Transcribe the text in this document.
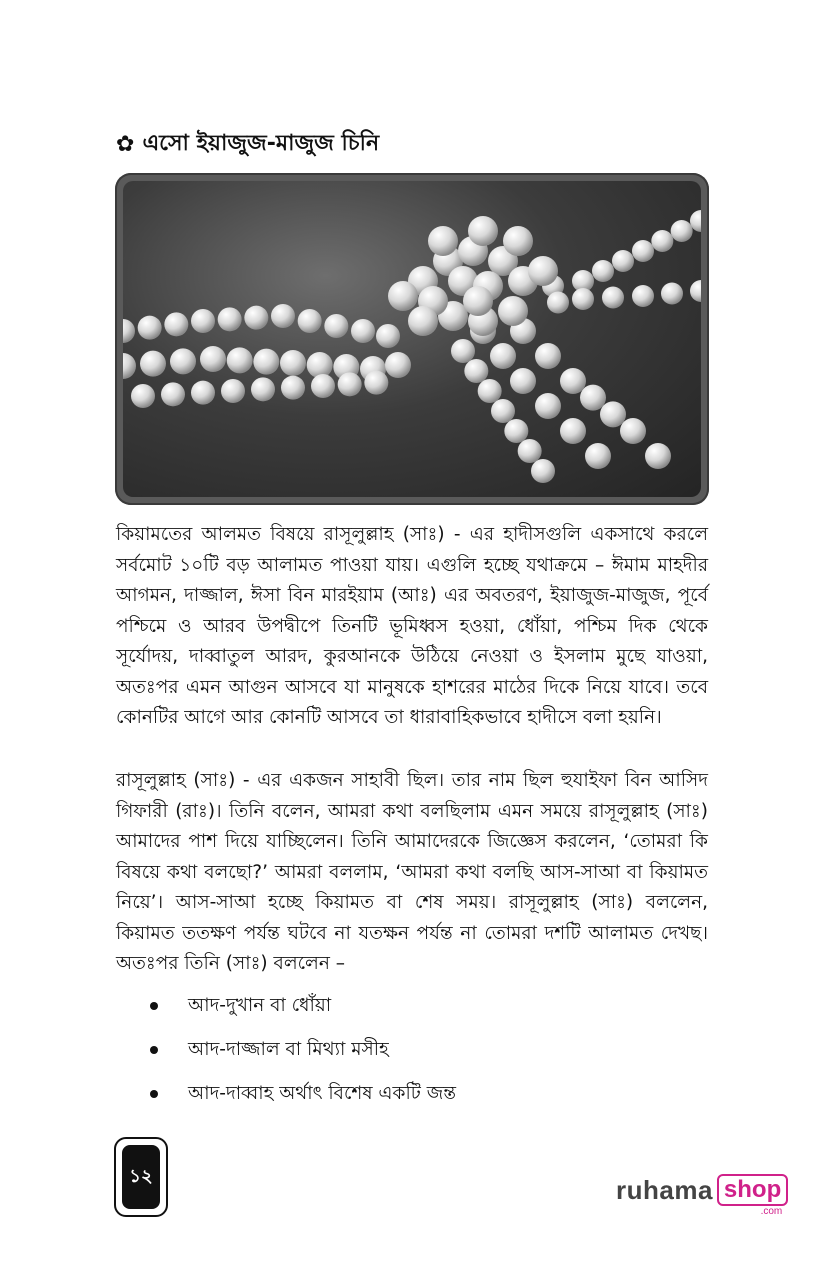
✿ এসো ইয়াজুজ-মাজুজ চিনি

কিয়ামতের আলমত বিষয়ে রাসূলুল্লাহ (সাঃ) - এর হাদীসগুলি একসাথে করলে সর্বমোট ১০টি বড় আলামত পাওয়া যায়। এগুলি হচ্ছে যথাক্রমে – ঈমাম মাহদীর আগমন, দাজ্জাল, ঈসা বিন মারইয়াম (আঃ) এর অবতরণ, ইয়াজুজ-মাজুজ, পূর্বে পশ্চিমে ও আরব উপদ্বীপে তিনটি ভূমিধ্বস হওয়া, ধোঁয়া, পশ্চিম দিক থেকে সূর্যোদয়, দাব্বাতুল আরদ, কুরআনকে উঠিয়ে নেওয়া ও ইসলাম মুছে যাওয়া, অতঃপর এমন আগুন আসবে যা মানুষকে হাশরের মাঠের দিকে নিয়ে যাবে। তবে কোনটির আগে আর কোনটি আসবে তা ধারাবাহিকভাবে হাদীসে বলা হয়নি।

রাসূলুল্লাহ (সাঃ) - এর একজন সাহাবী ছিল। তার নাম ছিল হুযাইফা বিন আসিদ গিফারী (রাঃ)। তিনি বলেন, আমরা কথা বলছিলাম এমন সময়ে রাসূলুল্লাহ (সাঃ) আমাদের পাশ দিয়ে যাচ্ছিলেন। তিনি আমাদেরকে জিজ্ঞেস করলেন, ‘তোমরা কি বিষয়ে কথা বলছো?’ আমরা বললাম, ‘আমরা কথা বলছি আস-সাআ বা কিয়ামত নিয়ে’। আস-সাআ হচ্ছে কিয়ামত বা শেষ সময়। রাসূলুল্লাহ (সাঃ) বললেন, কিয়ামত ততক্ষণ পর্যন্ত ঘটবে না যতক্ষন পর্যন্ত না তোমরা দশটি আলামত দেখছ। অতঃপর তিনি (সাঃ) বললেন –

আদ-দুখান বা ধোঁয়া
আদ-দাজ্জাল বা মিথ্যা মসীহ
আদ-দাব্বাহ অর্থাৎ বিশেষ একটি জন্ত
১২	ruhama shop
.com
